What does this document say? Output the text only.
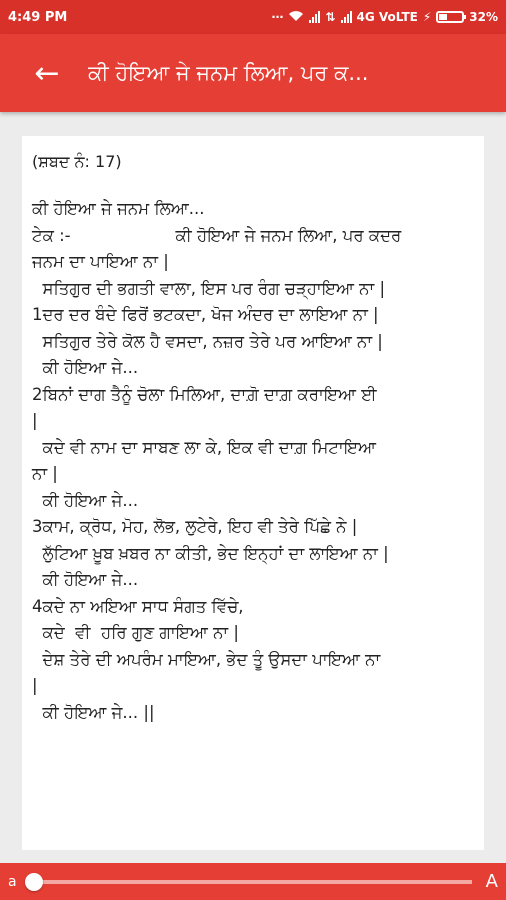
4:49 PM	⋯	⇅ 4G VoLTE ⚡	32%
←	ਕੀ ਹੋਇਆ ਜੇ ਜਨਮ ਲਿਆ, ਪਰ ਕ...
(ਸ਼ਬਦ ਨੰ: 17)
ਕੀ ਹੋਇਆ ਜੇ ਜਨਮ ਲਿਆ...
ਟੇਕ :-                    ਕੀ ਹੋਇਆ ਜੇ ਜਨਮ ਲਿਆ, ਪਰ ਕਦਰ
ਜਨਮ ਦਾ ਪਾਇਆ ਨਾ |
ਸਤਿਗੁਰ ਦੀ ਭਗਤੀ ਵਾਲਾ, ਇਸ ਪਰ ਰੰਗ ਚੜ੍ਹਾਇਆ ਨਾ |
1ਦਰ ਦਰ ਬੰਦੇ ਫਿਰੋਂ ਭਟਕਦਾ, ਖੋਜ ਅੰਦਰ ਦਾ ਲਾਇਆ ਨਾ |
ਸਤਿਗੁਰ ਤੇਰੇ ਕੋਲ ਹੈ ਵਸਦਾ, ਨਜ਼ਰ ਤੇਰੇ ਪਰ ਆਇਆ ਨਾ |
ਕੀ ਹੋਇਆ ਜੇ...
2ਬਿਨਾਂ ਦਾਗ ਤੈਨੂੰ ਚੋਲਾ ਮਿਲਿਆ, ਦਾਗ਼ੋ ਦਾਗ਼ ਕਰਾਇਆ ਈ
|
ਕਦੇ ਵੀ ਨਾਮ ਦਾ ਸਾਬਣ ਲਾ ਕੇ, ਇਕ ਵੀ ਦਾਗ਼ ਮਿਟਾਇਆ
ਨਾ |
ਕੀ ਹੋਇਆ ਜੇ...
3ਕਾਮ, ਕ੍ਰੋਧ, ਮੋਹ, ਲੋਭ, ਲੁਟੇਰੇ, ਇਹ ਵੀ ਤੇਰੇ ਪਿੱਛੇ ਨੇ |
ਲੁੱਟਿਆ ਖ਼ੂਬ ਖ਼ਬਰ ਨਾ ਕੀਤੀ, ਭੇਦ ਇਨ੍ਹਾਂ ਦਾ ਲਾਇਆ ਨਾ |
ਕੀ ਹੋਇਆ ਜੇ...
4ਕਦੇ ਨਾ ਅਇਆ ਸਾਧ ਸੰਗਤ ਵਿੱਚੇ,
ਕਦੇ  ਵੀ  ਹਰਿ ਗੁਣ ਗਾਇਆ ਨਾ |
ਦੇਸ਼ ਤੇਰੇ ਦੀ ਅਪਰੰਮ ਮਾਇਆ, ਭੇਦ ਤੂੰ ਉਸਦਾ ਪਾਇਆ ਨਾ
|
ਕੀ ਹੋਇਆ ਜੇ... ||
a	A
